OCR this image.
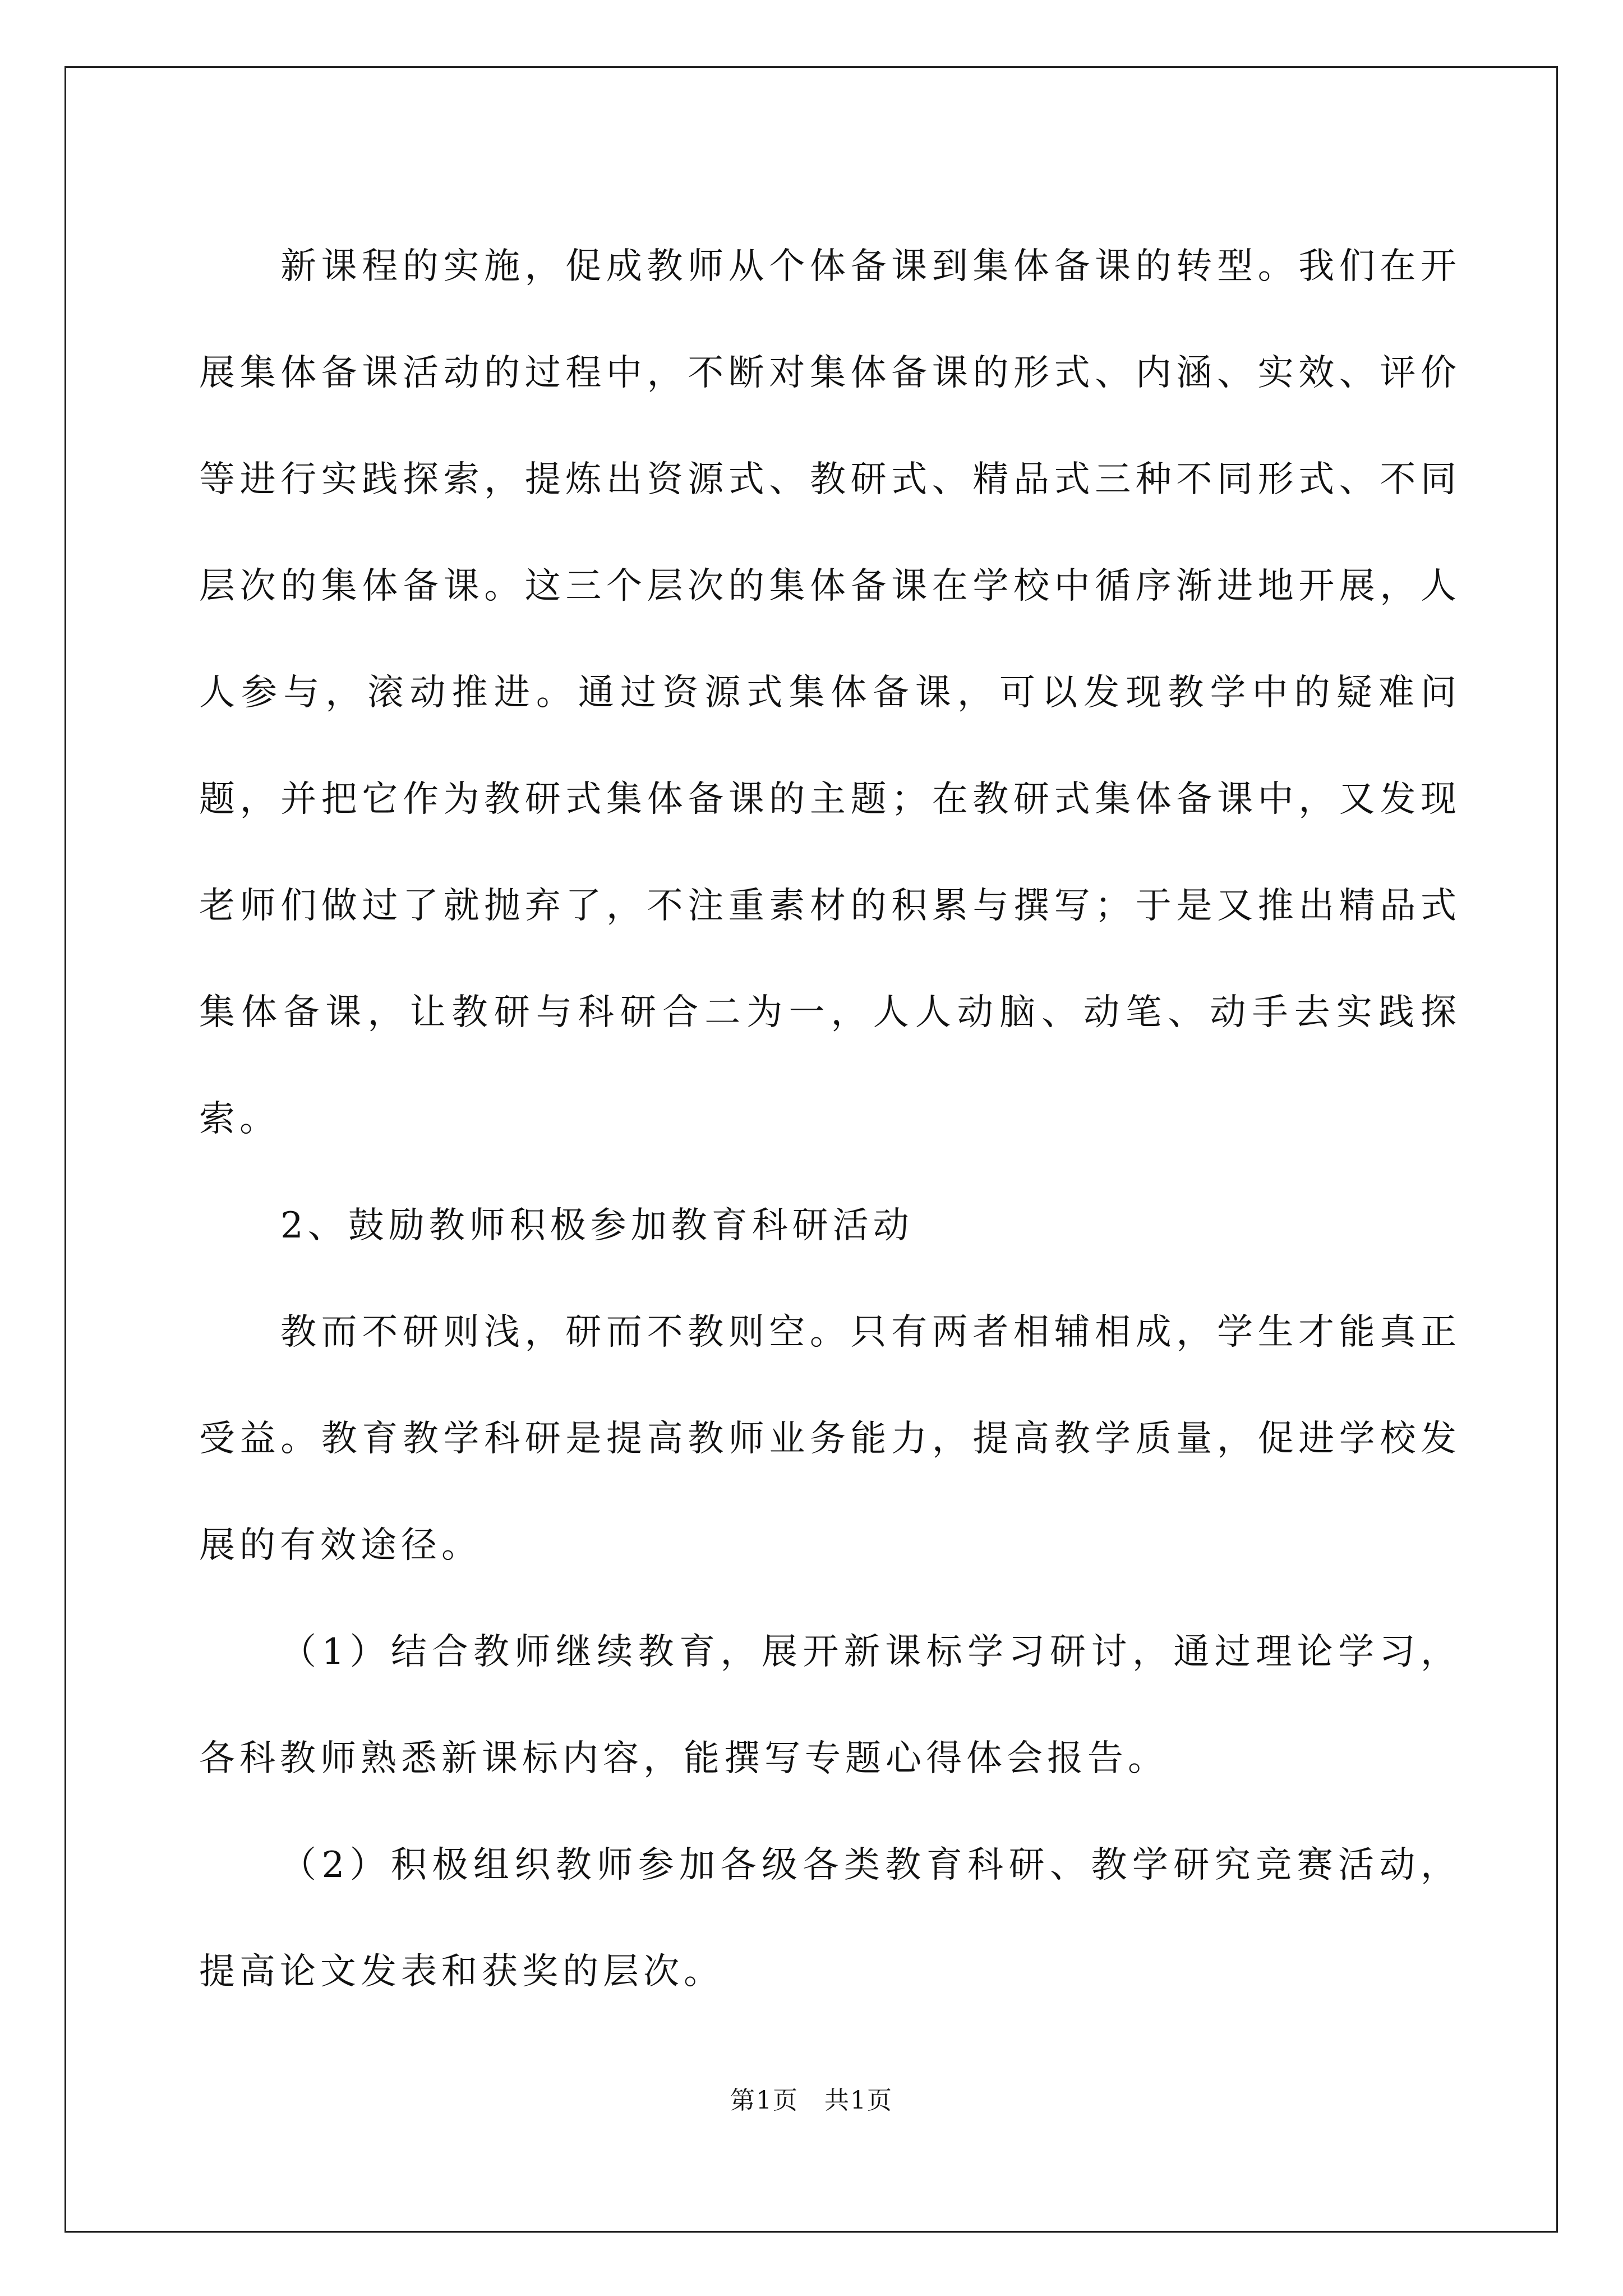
新课程的实施，促成教师从个体备课到集体备课的转型。我们在开展集体备课活动的过程中，不断对集体备课的形式、内涵、实效、评价等进行实践探索，提炼出资源式、教研式、精品式三种不同形式、不同层次的集体备课。这三个层次的集体备课在学校中循序渐进地开展，人人参与，滚动推进。通过资源式集体备课，可以发现教学中的疑难问题，并把它作为教研式集体备课的主题；在教研式集体备课中，又发现老师们做过了就抛弃了，不注重素材的积累与撰写；于是又推出精品式集体备课，让教研与科研合二为一，人人动脑、动笔、动手去实践探索。

2、鼓励教师积极参加教育科研活动

教而不研则浅，研而不教则空。只有两者相辅相成，学生才能真正受益。教育教学科研是提高教师业务能力，提高教学质量，促进学校发展的有效途径。

（1）结合教师继续教育，展开新课标学习研讨，通过理论学习，各科教师熟悉新课标内容，能撰写专题心得体会报告。

（2）积极组织教师参加各级各类教育科研、教学研究竞赛活动，提高论文发表和获奖的层次。

第1页　共1页
